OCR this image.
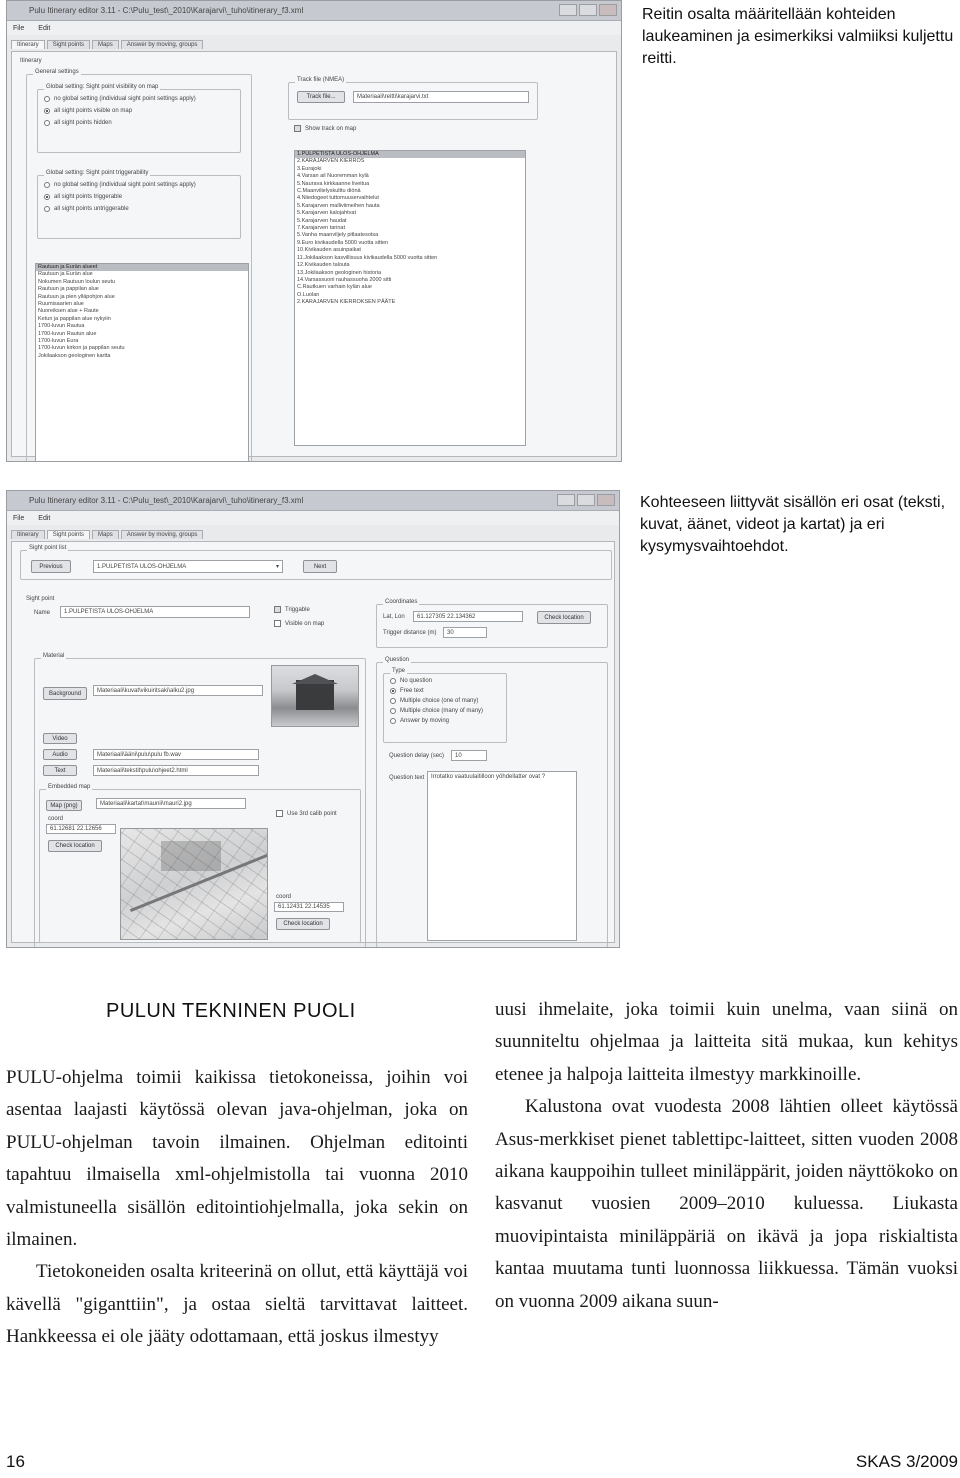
Pulu Itinerary editor 3.11 - C:\Pulu_test\_2010\Karajarvi\_tuho\itinerary_f3.xml
File Edit
Itinerary	Sight points	Maps	Answer by moving, groups
Itinerary
General settings
Global setting: Sight point visibility on map
no global setting (individual sight point settings apply)
all sight points visible on map
all sight points hidden
Global setting: Sight point triggerability
no global setting (individual sight point settings apply)
all sight points triggerable
all sight points untriggerable
Rautuun ja Eurän alueet
Rautuun ja Eurän alue
Nokumen Rautuun loulun seutu
Rautuun ja pappilan alue
Rautuun ja pien ylläpohjon alue
Ruumisaarien alue
Nuoreiksen alue + Raute
Ketun ja pappilan alue nykyiin
1700-luvun Rautua
1700-luvun Rautun alue
1700-luvun Eura
1700-luvun kirkon ja pappilan seutu
Jokilaakson geologinen kartta
Track file (NMEA)
Track file...	Materiaali\reitti\karajarvi.txt
Show track on map
1.PULPETISTA ULOS-OHJELMA
2.KARAJARVEN KIERROS
3.Eurajoki
4.Varsan ail Nuoremman kylä
5.Naurava kirkkaanne liveitua
C.Maanvilielyskulttu diönä
4.Niiedogeet tuttomuuservaihtelut
5.Karajarven malliviimeihen hauta
5.Karajarven kalojahtvat
5.Karajarven haudat
7.Karajarven tarinat
5.Vanha maanviljely pitlaatesotsa
9.Euro kivikaudella 5000 vuotta sitten
10.Kivikauden asuinpaikat
11.Jokilaakson kasvillisuus kivikaudella 5000 vuotta sitten
12.Kivikauden talouta
13.Jokilaakson geologinen historia
14.Varsassuoni rauhassuoha 2000 sitti
C.Rautkuen varhain kylän alue
O.Luolan
2.KARAJARVEN KIERROKSEN PÄÄTE
Reitin osalta määritellään kohteiden laukeaminen ja esimerkiksi valmiiksi kuljettu reitti.
Pulu Itinerary editor 3.11 - C:\Pulu_test\_2010\Karajarvi\_tuho\itinerary_f3.xml
File Edit
Itinerary	Sight points	Maps	Answer by moving, groups
Sight point list
Previous	1.PULPETISTA ULOS-OHJELMA	▾	Next
Sight point
Name	1.PULPETISTA ULOS-OHJELMA	Triggable
Visible on map
Coordinates
Lat, Lon	61.127305 22.134362
Trigger distance (m)	30
Check location
Material
Background	Materiaali\kuvat\vikuiritsaki\alku2.jpg
Video
Audio	Materiaali\ääni\pulu\pulu fb.wav
Text	Materiaali\tekstit\pulu\ohjeet2.html
Embedded map
Map (png)	Materiaali\kartat\maunii\mauri2.jpg
coord
61.12681 22.12656
Check location
Use 3rd calib point
coord
61.12431 22.14535
Check location
Question
Type
No question
Free text
Multiple choice (one of many)
Multiple choice (many of many)
Answer by moving
Question delay (sec)	10
Question text Irrotatko vaatuulaitilloon yöhdellatter ovat ?
Kohteeseen liittyvät sisällön eri osat (teksti, kuvat, äänet, videot ja kartat) ja eri kysymysvaihtoehdot.
PULUN TEKNINEN PUOLI

PULU-ohjelma toimii kaikissa tietokoneissa, joihin voi asentaa laajasti käytössä olevan java-ohjelman, joka on PULU-ohjelman tavoin ilmainen. Ohjelman editointi tapahtuu ilmaisella xml-ohjelmistolla tai vuonna 2010 valmistuneella sisällön editointiohjelmalla, joka sekin on ilmainen.

Tietokoneiden osalta kriteerinä on ollut, että käyttäjä voi kävellä "giganttiin", ja ostaa sieltä tarvittavat laitteet. Hankkeessa ei ole jääty odottamaan, että joskus ilmestyy

uusi ihmelaite, joka toimii kuin unelma, vaan siinä on suunniteltu ohjelmaa ja laitteita sitä mukaa, kun kehitys etenee ja halpoja laitteita ilmestyy markkinoille.

Kalustona ovat vuodesta 2008 lähtien olleet käytössä Asus-merkkiset pienet tablettipc-laitteet, sitten vuoden 2008 aikana kauppoihin tulleet miniläppärit, joiden näyttökoko on kasvanut vuosien 2009–2010 kuluessa. Liukasta muovipintaista miniläppäriä on ikävä ja jopa riskialtista kantaa muutama tunti luonnossa liikkuessa. Tämän vuoksi on vuonna 2009 aikana suun-

16	SKAS 3/2009
